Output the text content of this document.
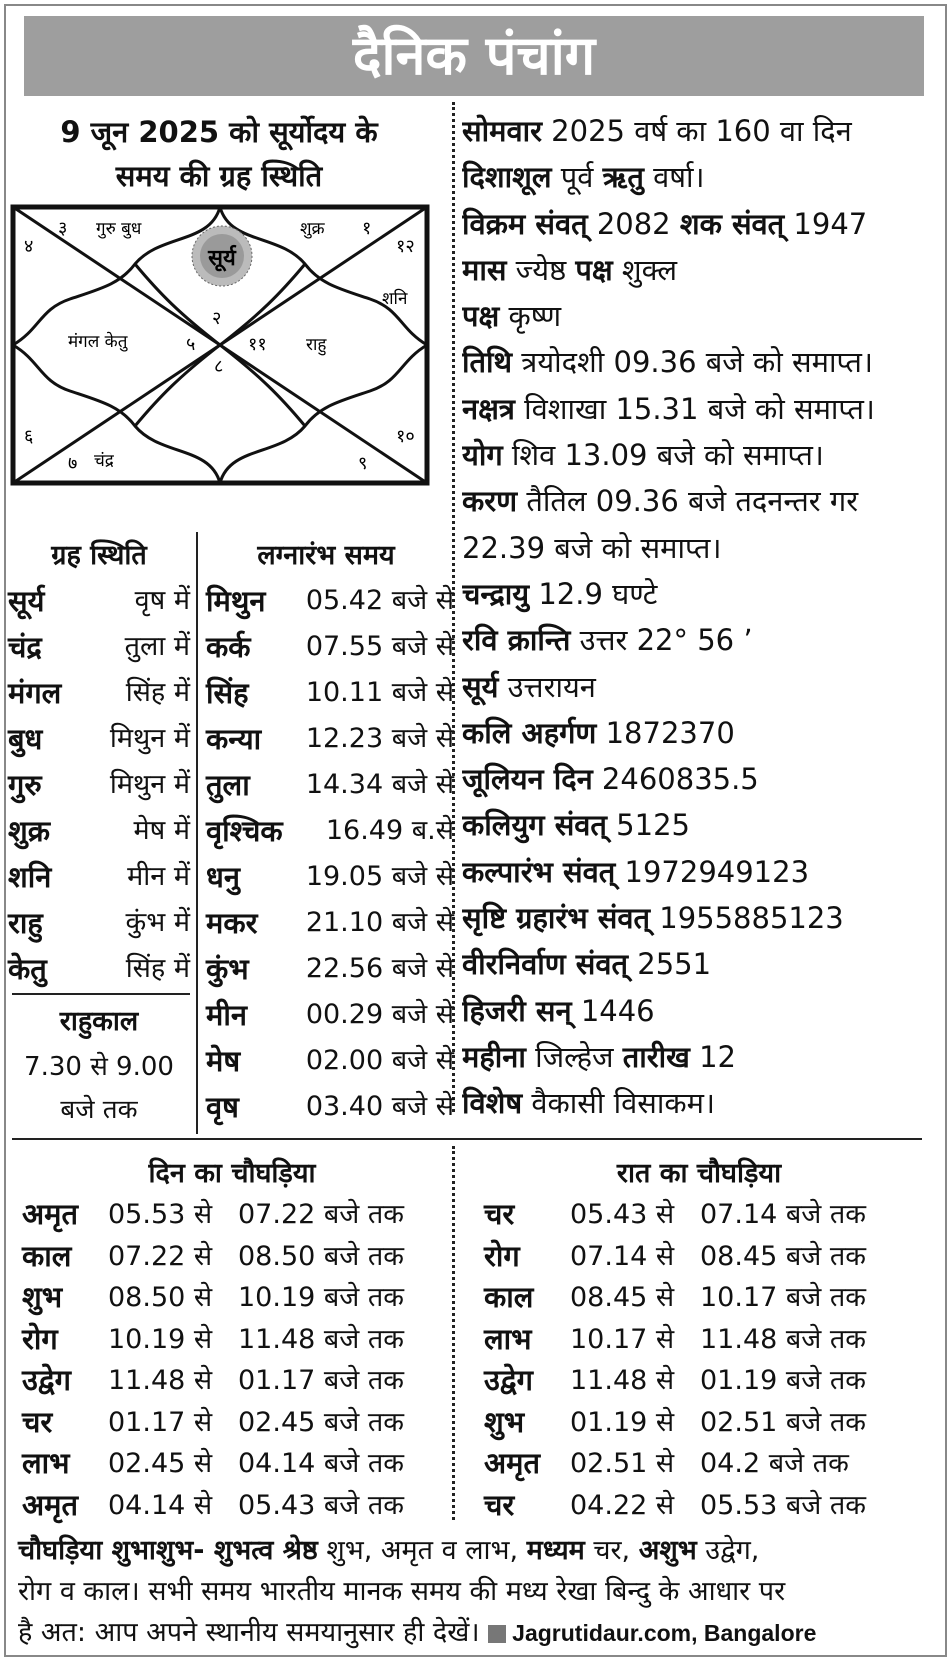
दैनिक पंचांग
9 जून 2025 को सूर्योदय के
समय की ग्रह स्थिति
सूर्य
३ गुरु बुध	शुक्र १
४	१२
शनि
२
मंगल केतु	५	११ राहु
८
६	१०
७ चंद्र	९
सोमवार 2025 वर्ष का 160 वा दिन
दिशाशूल पूर्व ऋतु वर्षा।
विक्रम संवत् 2082 शक संवत् 1947
मास ज्येष्ठ पक्ष शुक्ल
पक्ष कृष्ण
तिथि त्रयोदशी 09.36 बजे को समाप्त।
नक्षत्र विशाखा 15.31 बजे को समाप्त।
योग शिव 13.09 बजे को समाप्त।
करण तैतिल 09.36 बजे तदनन्तर गर
22.39 बजे को समाप्त।
चन्द्रायु 12.9 घण्टे
रवि क्रान्ति उत्तर 22° 56 ’
सूर्य उत्तरायन
कलि अहर्गण 1872370
जूलियन दिन 2460835.5
कलियुग संवत् 5125
कल्पारंभ संवत् 1972949123
सृष्टि ग्रहारंभ संवत् 1955885123
वीरनिर्वाण संवत् 2551
हिजरी सन् 1446
महीना जिल्हेज तारीख 12
विशेष वैकासी विसाकम।
ग्रह स्थिति
सूर्य	वृष में
चंद्र	तुला में
मंगल सिंह में
बुध मिथुन में
गुरु	मिथुन में
शुक्र	मेष में
शनि	मीन में
राहु	कुंभ में
केतु	सिंह में
राहुकाल
7.30 से 9.00
बजे तक
लग्नारंभ समय
मिथुन	05.42 बजे से
कर्क	07.55 बजे से
सिंह	10.11 बजे से
कन्या	12.23 बजे से
तुला	14.34 बजे से
वृश्चिक	16.49 ब.से
धनु	19.05 बजे से
मकर	21.10 बजे से
कुंभ	22.56 बजे से
मीन	00.29 बजे से
मेष	02.00 बजे से
वृष	03.40 बजे से
दिन का चौघड़िया
अमृत	05.53 से 07.22 बजे तक
काल	07.22 से 08.50 बजे तक
शुभ	08.50 से 10.19 बजे तक
रोग	10.19 से 11.48 बजे तक
उद्वेग	11.48 से 01.17 बजे तक
चर	01.17 से 02.45 बजे तक
लाभ	02.45 से 04.14 बजे तक
अमृत	04.14 से 05.43 बजे तक
रात का चौघड़िया
चर	05.43 से 07.14 बजे तक
रोग	07.14 से 08.45 बजे तक
काल	08.45 से 10.17 बजे तक
लाभ	10.17 से 11.48 बजे तक
उद्वेग	11.48 से 01.19 बजे तक
शुभ	01.19 से 02.51 बजे तक
अमृत	02.51 से 04.2 बजे तक
चर	04.22 से 05.53 बजे तक
चौघड़िया शुभाशुभ- शुभत्व श्रेष्ठ शुभ, अमृत व लाभ, मध्यम चर, अशुभ उद्वेग,
रोग व काल। सभी समय भारतीय मानक समय की मध्य रेखा बिन्दु के आधार पर
है अत: आप अपने स्थानीय समयानुसार ही देखें। Jagrutidaur.com, Bangalore
